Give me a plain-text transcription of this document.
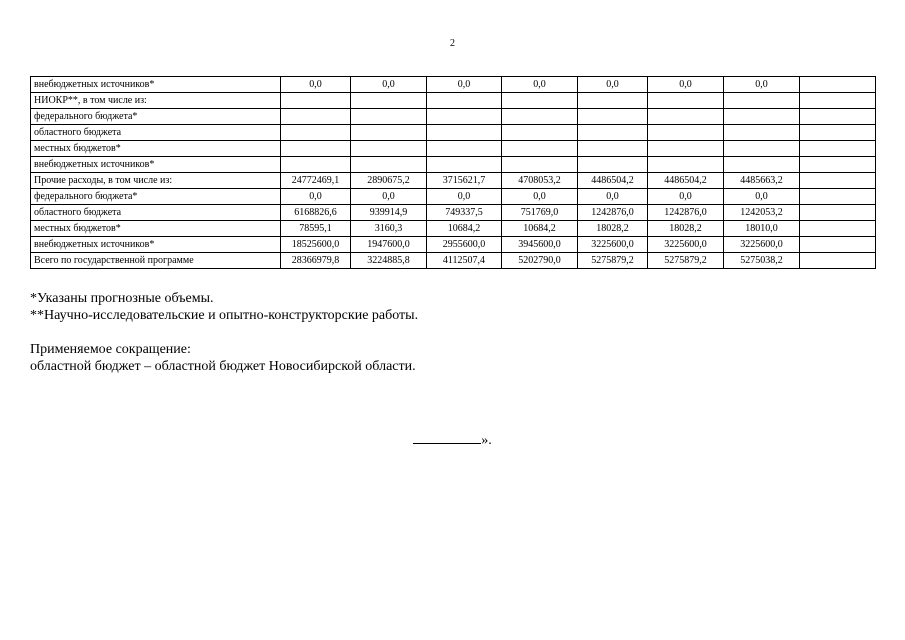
2
внебюджетных источников*	0,0	0,0	0,0	0,0	0,0	0,0	0,0	
НИОКР**, в том числе из:								
федерального бюджета*								
областного бюджета								
местных бюджетов*								
внебюджетных источников*								
Прочие расходы, в том числе из:	24772469,1	2890675,2	3715621,7	4708053,2	4486504,2	4486504,2	4485663,2	
федерального бюджета*	0,0	0,0	0,0	0,0	0,0	0,0	0,0	
областного бюджета	6168826,6	939914,9	749337,5	751769,0	1242876,0	1242876,0	1242053,2	
местных бюджетов*	78595,1	3160,3	10684,2	10684,2	18028,2	18028,2	18010,0	
внебюджетных источников*	18525600,0	1947600,0	2955600,0	3945600,0	3225600,0	3225600,0	3225600,0	
Всего по государственной программе	28366979,8	3224885,8	4112507,4	5202790,0	5275879,2	5275879,2	5275038,2	
*Указаны прогнозные объемы.
**Научно-исследовательские и опытно-конструкторские работы.
Применяемое сокращение:
областной бюджет – областной бюджет Новосибирской области.
».
